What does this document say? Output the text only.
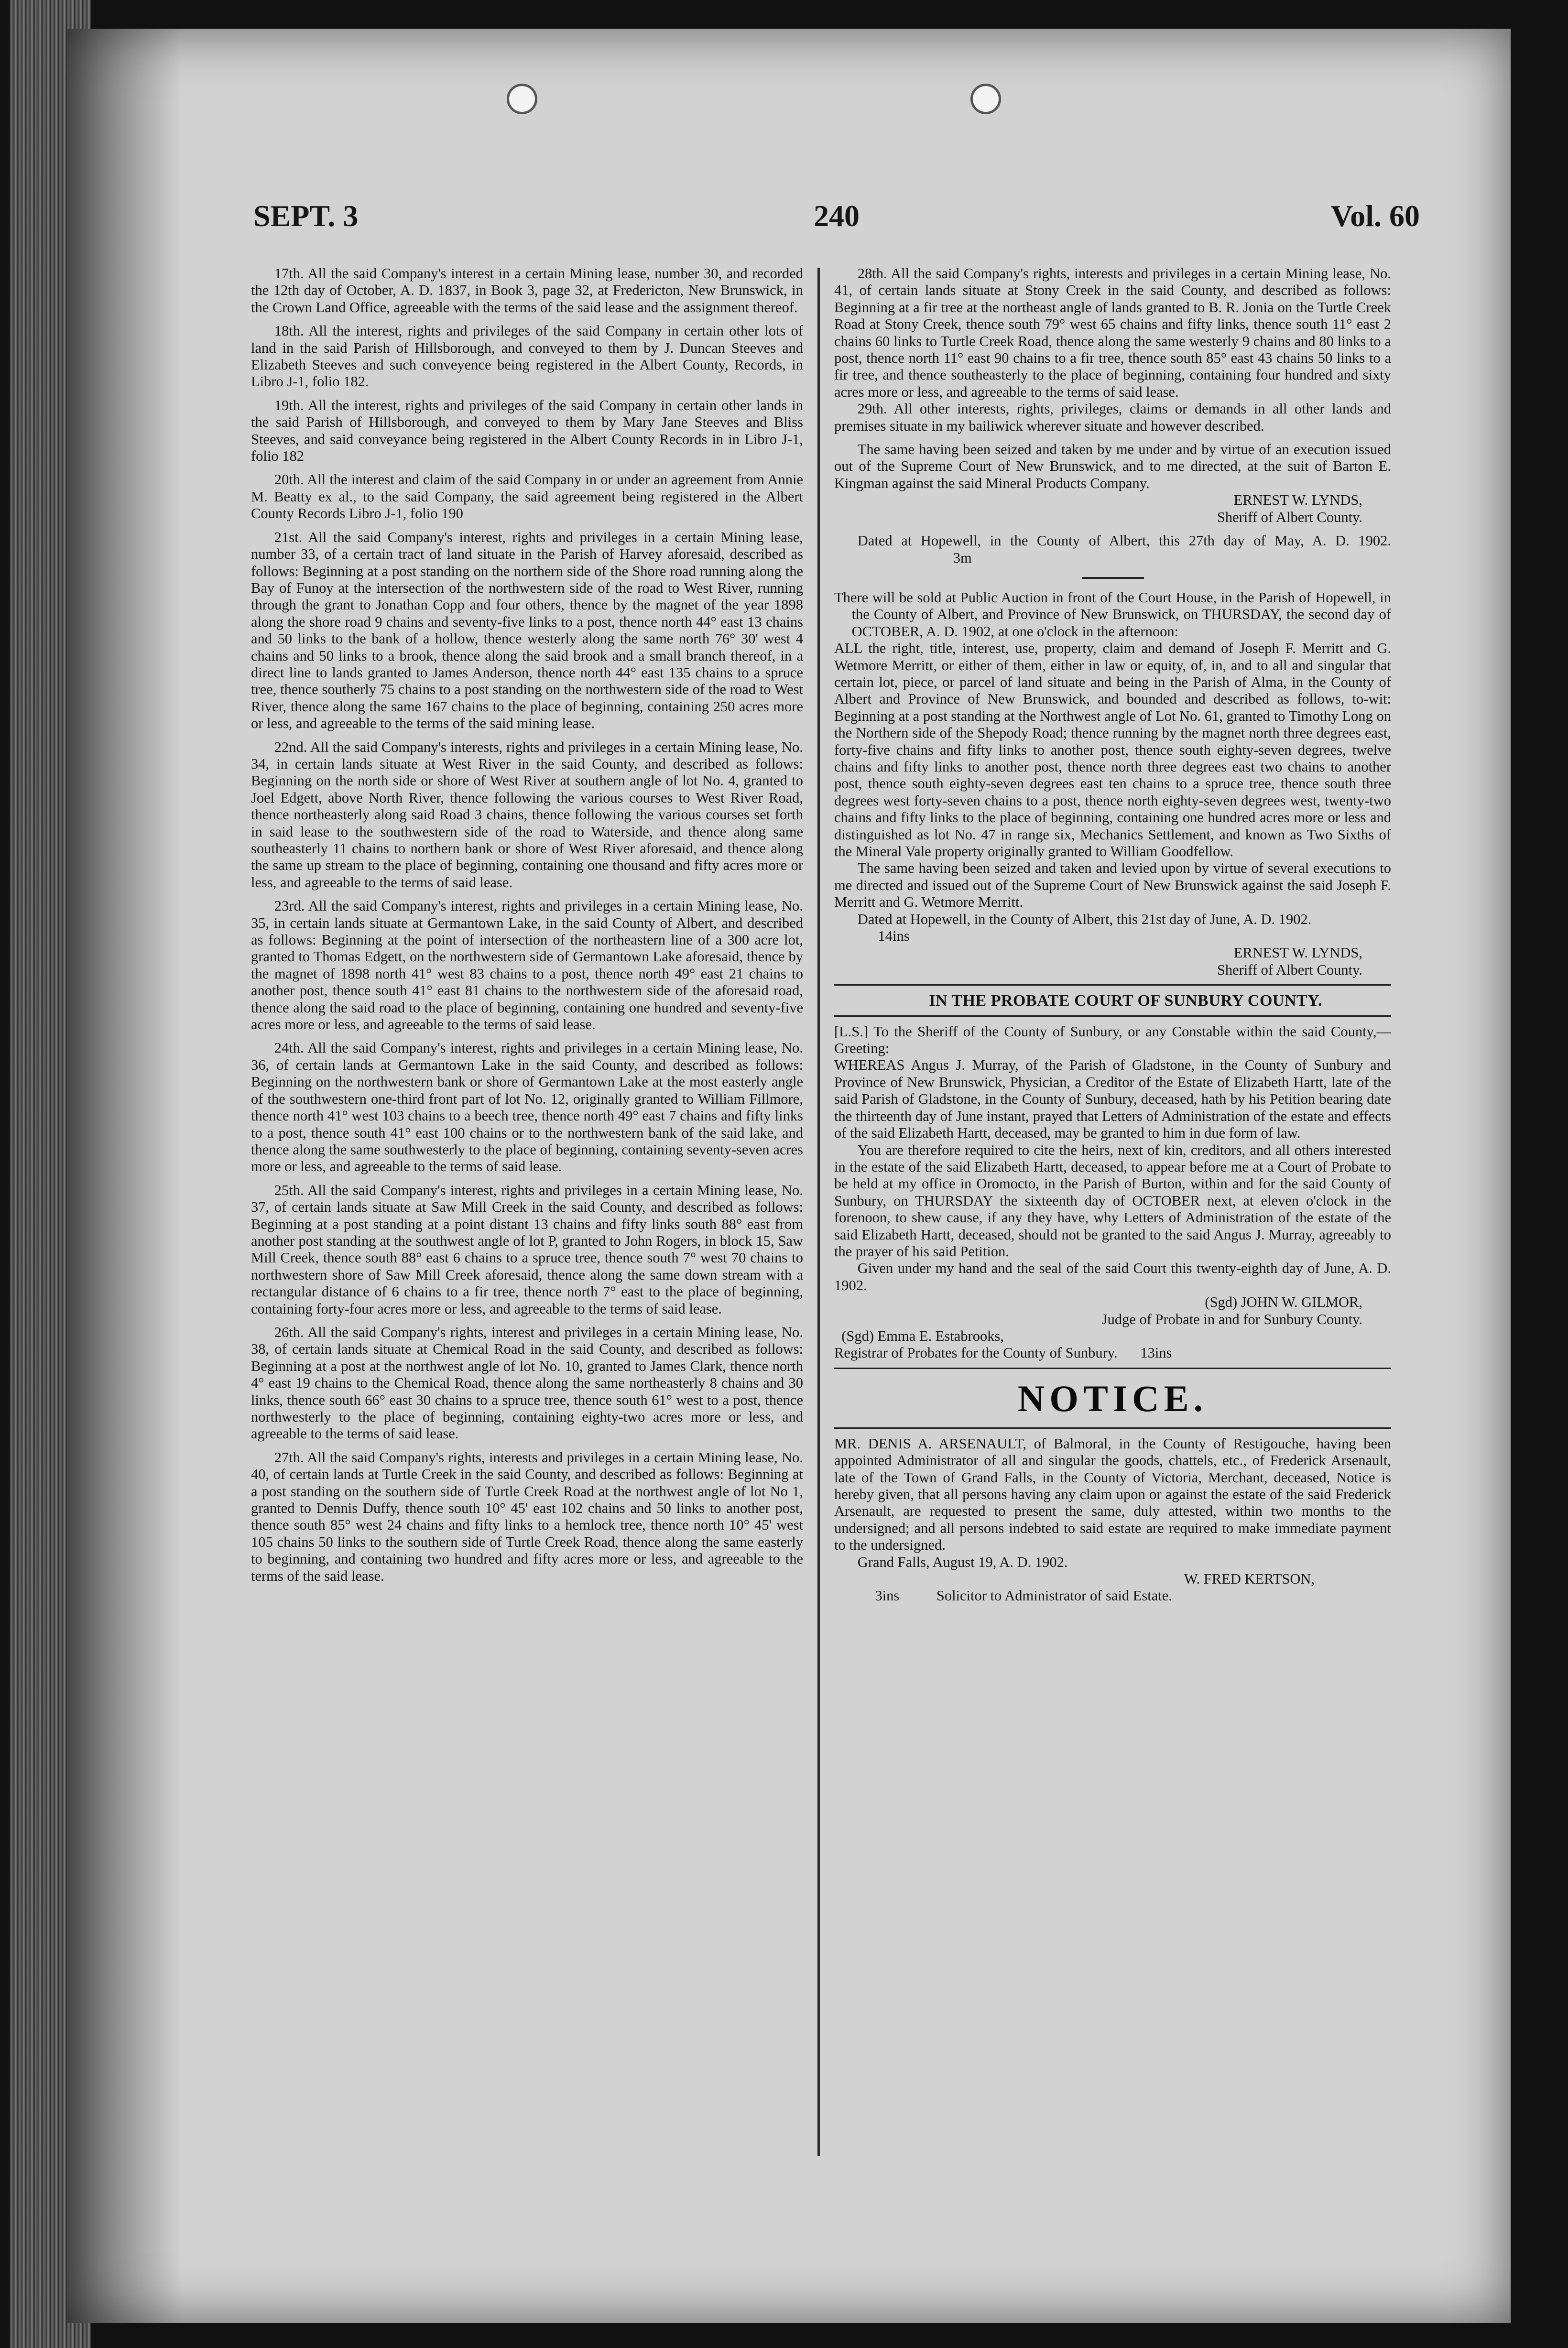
SEPT. 3	240	Vol. 60

17th. All the said Company's interest in a certain Mining lease, number 30, and recorded the 12th day of October, A. D. 1837, in Book 3, page 32, at Fredericton, New Brunswick, in the Crown Land Office, agreeable with the terms of the said lease and the assignment thereof.

18th. All the interest, rights and privileges of the said Company in certain other lots of land in the said Parish of Hillsborough, and conveyed to them by J. Duncan Steeves and Elizabeth Steeves and such conveyence being registered in the Albert County, Records, in Libro J-1, folio 182.

19th. All the interest, rights and privileges of the said Company in certain other lands in the said Parish of Hillsborough, and conveyed to them by Mary Jane Steeves and Bliss Steeves, and said conveyance being registered in the Albert County Records in in Libro J-1, folio 182

20th. All the interest and claim of the said Company in or under an agreement from Annie M. Beatty ex al., to the said Company, the said agreement being registered in the Albert County Records Libro J-1, folio 190

21st. All the said Company's interest, rights and privileges in a certain Mining lease, number 33, of a certain tract of land situate in the Parish of Harvey aforesaid, described as follows: Beginning at a post standing on the northern side of the Shore road running along the Bay of Funoy at the intersection of the northwestern side of the road to West River, running through the grant to Jonathan Copp and four others, thence by the magnet of the year 1898 along the shore road 9 chains and seventy-five links to a post, thence north 44° east 13 chains and 50 links to the bank of a hollow, thence westerly along the same north 76° 30' west 4 chains and 50 links to a brook, thence along the said brook and a small branch thereof, in a direct line to lands granted to James Anderson, thence north 44° east 135 chains to a spruce tree, thence southerly 75 chains to a post standing on the northwestern side of the road to West River, thence along the same 167 chains to the place of beginning, containing 250 acres more or less, and agreeable to the terms of the said mining lease.

22nd. All the said Company's interests, rights and privileges in a certain Mining lease, No. 34, in certain lands situate at West River in the said County, and described as follows: Beginning on the north side or shore of West River at southern angle of lot No. 4, granted to Joel Edgett, above North River, thence following the various courses to West River Road, thence northeasterly along said Road 3 chains, thence following the various courses set forth in said lease to the southwestern side of the road to Waterside, and thence along same southeasterly 11 chains to northern bank or shore of West River aforesaid, and thence along the same up stream to the place of beginning, containing one thousand and fifty acres more or less, and agreeable to the terms of said lease.

23rd. All the said Company's interest, rights and privileges in a certain Mining lease, No. 35, in certain lands situate at Germantown Lake, in the said County of Albert, and described as follows: Beginning at the point of intersection of the northeastern line of a 300 acre lot, granted to Thomas Edgett, on the northwestern side of Germantown Lake aforesaid, thence by the magnet of 1898 north 41° west 83 chains to a post, thence north 49° east 21 chains to another post, thence south 41° east 81 chains to the northwestern side of the aforesaid road, thence along the said road to the place of beginning, containing one hundred and seventy-five acres more or less, and agreeable to the terms of said lease.

24th. All the said Company's interest, rights and privileges in a certain Mining lease, No. 36, of certain lands at Germantown Lake in the said County, and described as follows: Beginning on the northwestern bank or shore of Germantown Lake at the most easterly angle of the southwestern one-third front part of lot No. 12, originally granted to William Fillmore, thence north 41° west 103 chains to a beech tree, thence north 49° east 7 chains and fifty links to a post, thence south 41° east 100 chains or to the northwestern bank of the said lake, and thence along the same southwesterly to the place of beginning, containing seventy-seven acres more or less, and agreeable to the terms of said lease.

25th. All the said Company's interest, rights and privileges in a certain Mining lease, No. 37, of certain lands situate at Saw Mill Creek in the said County, and described as follows: Beginning at a post standing at a point distant 13 chains and fifty links south 88° east from another post standing at the southwest angle of lot P, granted to John Rogers, in block 15, Saw Mill Creek, thence south 88° east 6 chains to a spruce tree, thence south 7° west 70 chains to northwestern shore of Saw Mill Creek aforesaid, thence along the same down stream with a rectangular distance of 6 chains to a fir tree, thence north 7° east to the place of beginning, containing forty-four acres more or less, and agreeable to the terms of said lease.

26th. All the said Company's rights, interest and privileges in a certain Mining lease, No. 38, of certain lands situate at Chemical Road in the said County, and described as follows: Beginning at a post at the northwest angle of lot No. 10, granted to James Clark, thence north 4° east 19 chains to the Chemical Road, thence along the same northeasterly 8 chains and 30 links, thence south 66° east 30 chains to a spruce tree, thence south 61° west to a post, thence northwesterly to the place of beginning, containing eighty-two acres more or less, and agreeable to the terms of said lease.

27th. All the said Company's rights, interests and privileges in a certain Mining lease, No. 40, of certain lands at Turtle Creek in the said County, and described as follows: Beginning at a post standing on the southern side of Turtle Creek Road at the northwest angle of lot No 1, granted to Dennis Duffy, thence south 10° 45' east 102 chains and 50 links to another post, thence south 85° west 24 chains and fifty links to a hemlock tree, thence north 10° 45' west 105 chains 50 links to the southern side of Turtle Creek Road, thence along the same easterly to beginning, and containing two hundred and fifty acres more or less, and agreeable to the terms of the said lease.

28th. All the said Company's rights, interests and privileges in a certain Mining lease, No. 41, of certain lands situate at Stony Creek in the said County, and described as follows: Beginning at a fir tree at the northeast angle of lands granted to B. R. Jonia on the Turtle Creek Road at Stony Creek, thence south 79° west 65 chains and fifty links, thence south 11° east 2 chains 60 links to Turtle Creek Road, thence along the same westerly 9 chains and 80 links to a post, thence north 11° east 90 chains to a fir tree, thence south 85° east 43 chains 50 links to a fir tree, and thence southeasterly to the place of beginning, containing four hundred and sixty acres more or less, and agreeable to the terms of said lease.

29th. All other interests, rights, privileges, claims or demands in all other lands and premises situate in my bailiwick wherever situate and however described.

The same having been seized and taken by me under and by virtue of an execution issued out of the Supreme Court of New Brunswick, and to me directed, at the suit of Barton E. Kingman against the said Mineral Products Company.

ERNEST W. LYNDS,

Sheriff of Albert County.

Dated at Hopewell, in the County of Albert, this 27th day of May, A. D. 1902. 3m

There will be sold at Public Auction in front of the Court House, in the Parish of Hopewell, in the County of Albert, and Province of New Brunswick, on THURSDAY, the second day of OCTOBER, A. D. 1902, at one o'clock in the afternoon:

ALL the right, title, interest, use, property, claim and demand of Joseph F. Merritt and G. Wetmore Merritt, or either of them, either in law or equity, of, in, and to all and singular that certain lot, piece, or parcel of land situate and being in the Parish of Alma, in the County of Albert and Province of New Brunswick, and bounded and described as follows, to-wit: Beginning at a post standing at the Northwest angle of Lot No. 61, granted to Timothy Long on the Northern side of the Shepody Road; thence running by the magnet north three degrees east, forty-five chains and fifty links to another post, thence south eighty-seven degrees, twelve chains and fifty links to another post, thence north three degrees east two chains to another post, thence south eighty-seven degrees east ten chains to a spruce tree, thence south three degrees west forty-seven chains to a post, thence north eighty-seven degrees west, twenty-two chains and fifty links to the place of beginning, containing one hundred acres more or less and distinguished as lot No. 47 in range six, Mechanics Settlement, and known as Two Sixths of the Mineral Vale property originally granted to William Goodfellow.

The same having been seized and taken and levied upon by virtue of several executions to me directed and issued out of the Supreme Court of New Brunswick against the said Joseph F. Merritt and G. Wetmore Merritt.

Dated at Hopewell, in the County of Albert, this 21st day of June, A. D. 1902.

14ins

ERNEST W. LYNDS,

Sheriff of Albert County.

IN THE PROBATE COURT OF SUNBURY COUNTY.

[L.S.] To the Sheriff of the County of Sunbury, or any Constable within the said County,—Greeting:

WHEREAS Angus J. Murray, of the Parish of Gladstone, in the County of Sunbury and Province of New Brunswick, Physician, a Creditor of the Estate of Elizabeth Hartt, late of the said Parish of Gladstone, in the County of Sunbury, deceased, hath by his Petition bearing date the thirteenth day of June instant, prayed that Letters of Administration of the estate and effects of the said Elizabeth Hartt, deceased, may be granted to him in due form of law.

You are therefore required to cite the heirs, next of kin, creditors, and all others interested in the estate of the said Elizabeth Hartt, deceased, to appear before me at a Court of Probate to be held at my office in Oromocto, in the Parish of Burton, within and for the said County of Sunbury, on THURSDAY the sixteenth day of OCTOBER next, at eleven o'clock in the forenoon, to shew cause, if any they have, why Letters of Administration of the estate of the said Elizabeth Hartt, deceased, should not be granted to the said Angus J. Murray, agreeably to the prayer of his said Petition.

Given under my hand and the seal of the said Court this twenty-eighth day of June, A. D. 1902.

(Sgd) JOHN W. GILMOR,

Judge of Probate in and for Sunbury County.

(Sgd) Emma E. Estabrooks,

Registrar of Probates for the County of Sunbury. 13ins

NOTICE.

MR. DENIS A. ARSENAULT, of Balmoral, in the County of Restigouche, having been appointed Administrator of all and singular the goods, chattels, etc., of Frederick Arsenault, late of the Town of Grand Falls, in the County of Victoria, Merchant, deceased, Notice is hereby given, that all persons having any claim upon or against the estate of the said Frederick Arsenault, are requested to present the same, duly attested, within two months to the undersigned; and all persons indebted to said estate are required to make immediate payment to the undersigned.

Grand Falls, August 19, A. D. 1902.

W. FRED KERTSON,

3ins	Solicitor to Administrator of said Estate.
